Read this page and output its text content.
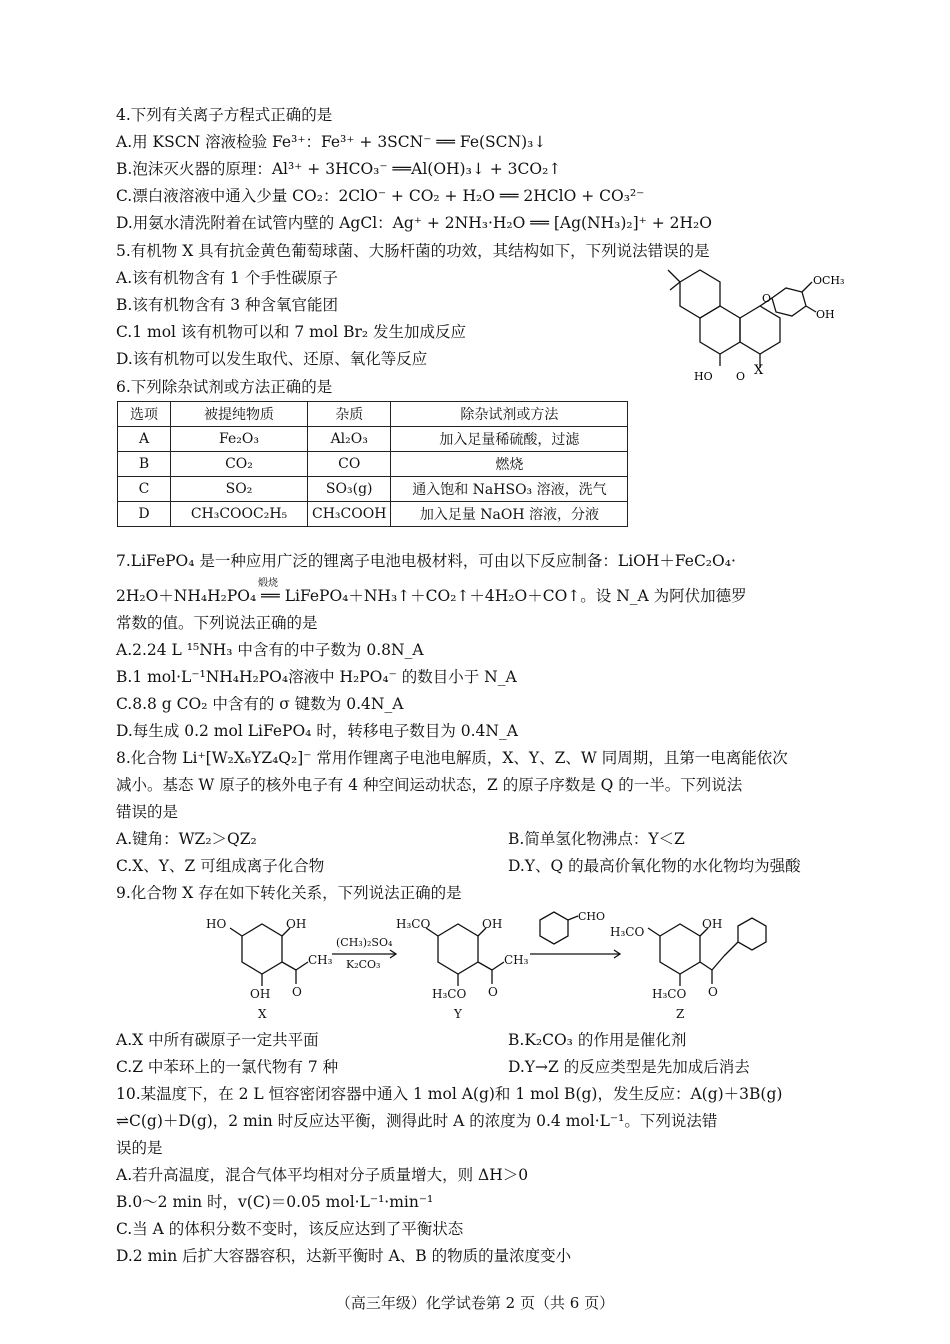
4.下列有关离子方程式正确的是
A.用 KSCN 溶液检验 Fe³⁺：Fe³⁺ + 3SCN⁻ ══ Fe(SCN)₃↓
B.泡沫灭火器的原理：Al³⁺ + 3HCO₃⁻ ══Al(OH)₃↓ + 3CO₂↑
C.漂白液溶液中通入少量 CO₂：2ClO⁻ + CO₂ + H₂O ══ 2HClO + CO₃²⁻
D.用氨水清洗附着在试管内壁的 AgCl：Ag⁺ + 2NH₃·H₂O ══ [Ag(NH₃)₂]⁺ + 2H₂O
5.有机物 X 具有抗金黄色葡萄球菌、大肠杆菌的功效，其结构如下，下列说法错误的是
A.该有机物含有 1 个手性碳原子
B.该有机物含有 3 种含氧官能团
C.1 mol 该有机物可以和 7 mol Br₂ 发生加成反应
D.该有机物可以发生取代、还原、氧化等反应
OCH₃
OH
HO O
O
X
6.下列除杂试剂或方法正确的是
选项	被提纯物质	杂质	除杂试剂或方法
A	Fe₂O₃	Al₂O₃	加入足量稀硫酸，过滤
B	CO₂	CO	燃烧
C	SO₂	SO₃(g)	通入饱和 NaHSO₃ 溶液，洗气
D	CH₃COOC₂H₅	CH₃COOH	加入足量 NaOH 溶液，分液
7.LiFePO₄ 是一种应用广泛的锂离子电池电极材料，可由以下反应制备：LiOH＋FeC₂O₄·
煅烧
2H₂O＋NH₄H₂PO₄ ══ LiFePO₄＋NH₃↑＋CO₂↑＋4H₂O＋CO↑。设 N_A 为阿伏加德罗
常数的值。下列说法正确的是
A.2.24 L ¹⁵NH₃ 中含有的中子数为 0.8N_A
B.1 mol·L⁻¹NH₄H₂PO₄溶液中 H₂PO₄⁻ 的数目小于 N_A
C.8.8 g CO₂ 中含有的 σ 键数为 0.4N_A
D.每生成 0.2 mol LiFePO₄ 时，转移电子数目为 0.4N_A
8.化合物 Li⁺[W₂X₆YZ₄Q₂]⁻ 常用作锂离子电池电解质，X、Y、Z、W 同周期，且第一电离能依次
减小。基态 W 原子的核外电子有 4 种空间运动状态，Z 的原子序数是 Q 的一半。下列说法
错误的是
A.键角：WZ₂＞QZ₂	B.简单氢化物沸点：Y＜Z
C.X、Y、Z 可组成离子化合物	D.Y、Q 的最高价氧化物的水化物均为强酸
9.化合物 X 存在如下转化关系，下列说法正确的是
HO	OH
CH₃
OH O
X
(CH₃)₂SO₄
K₂CO₃
H₃CO	OH
CH₃
H₃CO O
Y
CHO
H₃CO
OH
H₃CO O
Z
A.X 中所有碳原子一定共平面	B.K₂CO₃ 的作用是催化剂
C.Z 中苯环上的一氯代物有 7 种	D.Y→Z 的反应类型是先加成后消去
10.某温度下，在 2 L 恒容密闭容器中通入 1 mol A(g)和 1 mol B(g)，发生反应：A(g)＋3B(g)
⇌C(g)＋D(g)，2 min 时反应达平衡，测得此时 A 的浓度为 0.4 mol·L⁻¹。下列说法错
误的是
A.若升高温度，混合气体平均相对分子质量增大，则 ΔH＞0
B.0～2 min 时，v(C)＝0.05 mol·L⁻¹·min⁻¹
C.当 A 的体积分数不变时，该反应达到了平衡状态
D.2 min 后扩大容器容积，达新平衡时 A、B 的物质的量浓度变小
（高三年级）化学试卷第 2 页（共 6 页）
